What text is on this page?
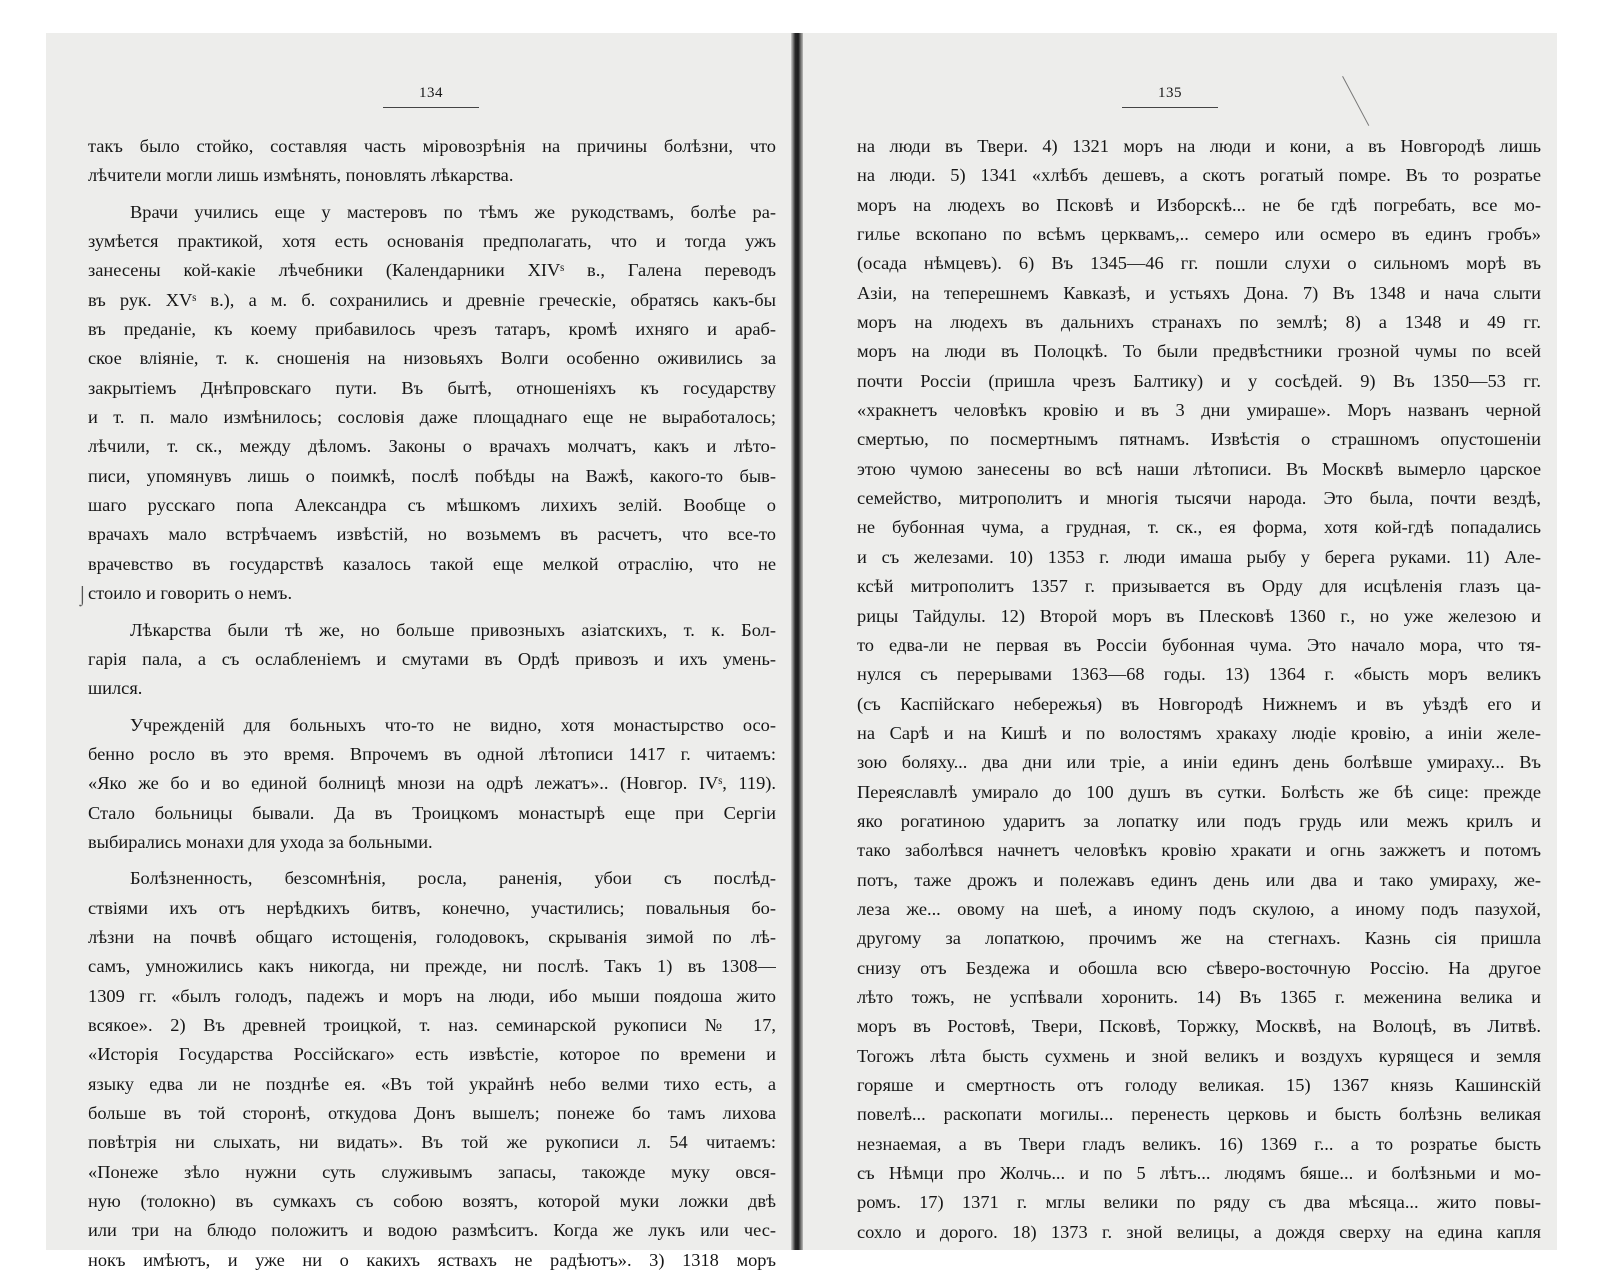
134
такъ было стойко, составляя часть міровозрѣнія на причины болѣзни, что
лѣчители могли лишь измѣнять, поновлять лѣкарства.
Врачи учились еще у мастеровъ по тѣмъ же рукодствамъ, болѣе ра-
зумѣется практикой, хотя есть основанія предполагать, что и тогда ужъ
занесены кой-какіе лѣчебники (Календарники XIVˢ в., Галена переводъ
въ рук. XVˢ в.), а м. б. сохранились и древніе греческіе, обратясь какъ-бы
въ преданіе, къ коему прибавилось чрезъ татаръ, кромѣ ихняго и араб-
ское вліяніе, т. к. сношенія на низовьяхъ Волги особенно оживились за
закрытіемъ Днѣпровскаго пути. Въ бытѣ, отношеніяхъ къ государству
и т. п. мало измѣнилось; сословія даже площаднаго еще не выработалось;
лѣчили, т. ск., между дѣломъ. Законы о врачахъ молчатъ, какъ и лѣто-
писи, упомянувъ лишь о поимкѣ, послѣ побѣды на Важѣ, какого-то быв-
шаго русскаго попа Александра съ мѣшкомъ лихихъ зелій. Вообще о
врачахъ мало встрѣчаемъ извѣстій, но возьмемъ въ расчетъ, что все-то
врачевство въ государствѣ казалось такой еще мелкой отраслію, что не
стоило и говорить о немъ.
Лѣкарства были тѣ же, но больше привозныхъ азіатскихъ, т. к. Бол-
гарія пала, а съ ослабленіемъ и смутами въ Ордѣ привозъ и ихъ умень-
шился.
Учрежденій для больныхъ что-то не видно, хотя монастырство осо-
бенно росло въ это время. Впрочемъ въ одной лѣтописи 1417 г. читаемъ:
«Яко же бо и во единой болницѣ мнози на одрѣ лежатъ».. (Новгор. IVˢ, 119).
Стало больницы бывали. Да въ Троицкомъ монастырѣ еще при Сергіи
выбирались монахи для ухода за больными.
Болѣзненность, безсомнѣнія, росла, раненія, убои съ послѣд-
ствіями ихъ отъ нерѣдкихъ битвъ, конечно, участились; повальныя бо-
лѣзни на почвѣ общаго истощенія, голодовокъ, скрыванія зимой по лѣ-
самъ, умножились какъ никогда, ни прежде, ни послѣ. Такъ 1) въ 1308—
1309 гг. «былъ голодъ, падежъ и моръ на люди, ибо мыши поядоша жито
всякое». 2) Въ древней троицкой, т. наз. семинарской рукописи № 17,
«Исторія Государства Россійскаго» есть извѣстіе, которое по времени и
языку едва ли не позднѣе ея. «Въ той украйнѣ небо велми тихо есть, а
больше въ той сторонѣ, откудова Донъ вышелъ; понеже бо тамъ лихова
повѣтрія ни слыхать, ни видать». Въ той же рукописи л. 54 читаемъ:
«Понеже зѣло нужни суть служивымъ запасы, такожде муку овся-
ную (толокно) въ сумкахъ съ собою возятъ, которой муки ложки двѣ
или три на блюдо положитъ и водою размѣситъ. Когда же лукъ или чес-
нокъ имѣютъ, и уже ни о какихъ яствахъ не радѣютъ». 3) 1318 моръ
⌡
135
на люди въ Твери. 4) 1321 моръ на люди и кони, а въ Новгородѣ лишь
на люди. 5) 1341 «хлѣбъ дешевъ, а скотъ рогатый помре. Въ то розратье
моръ на людехъ во Псковѣ и Изборскѣ... не бе гдѣ погребать, все мо-
гилье вскопано по всѣмъ церквамъ,.. семеро или осмеро въ единъ гробъ»
(осада нѣмцевъ). 6) Въ 1345—46 гг. пошли слухи о сильномъ морѣ въ
Азіи, на теперешнемъ Кавказѣ, и устьяхъ Дона. 7) Въ 1348 и нача слыти
моръ на людехъ въ дальнихъ странахъ по землѣ; 8) а 1348 и 49 гг.
моръ на люди въ Полоцкѣ. То были предвѣстники грозной чумы по всей
почти Россіи (пришла чрезъ Балтику) и у сосѣдей. 9) Въ 1350—53 гг.
«хракнетъ человѣкъ кровію и въ 3 дни умираше». Моръ названъ черной
смертью, по посмертнымъ пятнамъ. Извѣстія о страшномъ опустошеніи
этою чумою занесены во всѣ наши лѣтописи. Въ Москвѣ вымерло царское
семейство, митрополитъ и многія тысячи народа. Это была, почти вездѣ,
не бубонная чума, а грудная, т. ск., ея форма, хотя кой-гдѣ попадались
и съ железами. 10) 1353 г. люди имаша рыбу у берега руками. 11) Але-
ксѣй митрополитъ 1357 г. призывается въ Орду для исцѣленія глазъ ца-
рицы Тайдулы. 12) Второй моръ въ Плесковѣ 1360 г., но уже железою и
то едва-ли не первая въ Россіи бубонная чума. Это начало мора, что тя-
нулся съ перерывами 1363—68 годы. 13) 1364 г. «бысть моръ великъ
(съ Каспійскаго небережья) въ Новгородѣ Нижнемъ и въ уѣздѣ его и
на Сарѣ и на Кишѣ и по волостямъ хракаху людіе кровію, а иніи желе-
зою боляху... два дни или тріе, а иніи единъ день болѣвше умираху... Въ
Переяславлѣ умирало до 100 душъ въ сутки. Болѣсть же бѣ сице: прежде
яко рогатиною ударитъ за лопатку или подъ грудь или межъ крилъ и
тако заболѣвся начнетъ человѣкъ кровію хракати и огнь зажжетъ и потомъ
потъ, таже дрожъ и полежавъ единъ день или два и тако умираху, же-
леза же... овому на шеѣ, а иному подъ скулою, а иному подъ пазухой,
другому за лопаткою, прочимъ же на стегнахъ. Казнь сія пришла
снизу отъ Бездежа и обошла всю сѣверо-восточную Россію. На другое
лѣто тожъ, не успѣвали хоронить. 14) Въ 1365 г. меженина велика и
моръ въ Ростовѣ, Твери, Псковѣ, Торжку, Москвѣ, на Волоцѣ, въ Литвѣ.
Тогожъ лѣта бысть сухмень и зной великъ и воздухъ курящеся и земля
горяше и смертность отъ голоду великая. 15) 1367 князь Кашинскій
повелѣ... раскопати могилы... перенесть церковь и бысть болѣзнь великая
незнаемая, а въ Твери гладъ великъ. 16) 1369 г... а то розратье бысть
съ Нѣмци про Жолчь... и по 5 лѣтъ... людямъ бяше... и болѣзньми и мо-
ромъ. 17) 1371 г. мглы велики по ряду съ два мѣсяца... жито повы-
сохло и дорого. 18) 1373 г. зной велицы, а дождя сверху на едина капля
